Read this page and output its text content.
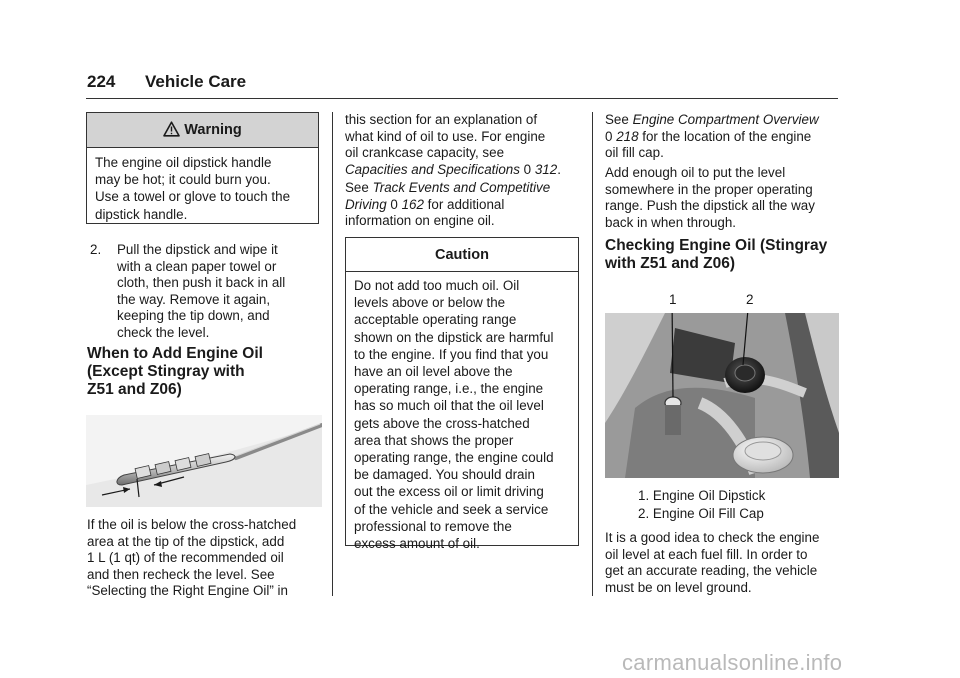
224 Vehicle Care
Warning
The engine oil dipstick handle
may be hot; it could burn you.
Use a towel or glove to touch the
dipstick handle.
2. Pull the dipstick and wipe it
with a clean paper towel or
cloth, then push it back in all
the way. Remove it again,
keeping the tip down, and
check the level.
When to Add Engine Oil
(Except Stingray with
Z51 and Z06)
If the oil is below the cross-hatched
area at the tip of the dipstick, add
1 L (1 qt) of the recommended oil
and then recheck the level. See
“Selecting the Right Engine Oil” in
this section for an explanation of
what kind of oil to use. For engine
oil crankcase capacity, see
Capacities and Specifications 0 312.
See Track Events and Competitive
Driving 0 162 for additional
information on engine oil.
Caution
Do not add too much oil. Oil
levels above or below the
acceptable operating range
shown on the dipstick are harmful
to the engine. If you find that you
have an oil level above the
operating range, i.e., the engine
has so much oil that the oil level
gets above the cross-hatched
area that shows the proper
operating range, the engine could
be damaged. You should drain
out the excess oil or limit driving
of the vehicle and seek a service
professional to remove the
excess amount of oil.
See Engine Compartment Overview
0 218 for the location of the engine
oil fill cap.
Add enough oil to put the level
somewhere in the proper operating
range. Push the dipstick all the way
back in when through.
Checking Engine Oil (Stingray
with Z51 and Z06)
1	2
1. Engine Oil Dipstick
2. Engine Oil Fill Cap
It is a good idea to check the engine
oil level at each fuel fill. In order to
get an accurate reading, the vehicle
must be on level ground.
carmanualsonline.info
